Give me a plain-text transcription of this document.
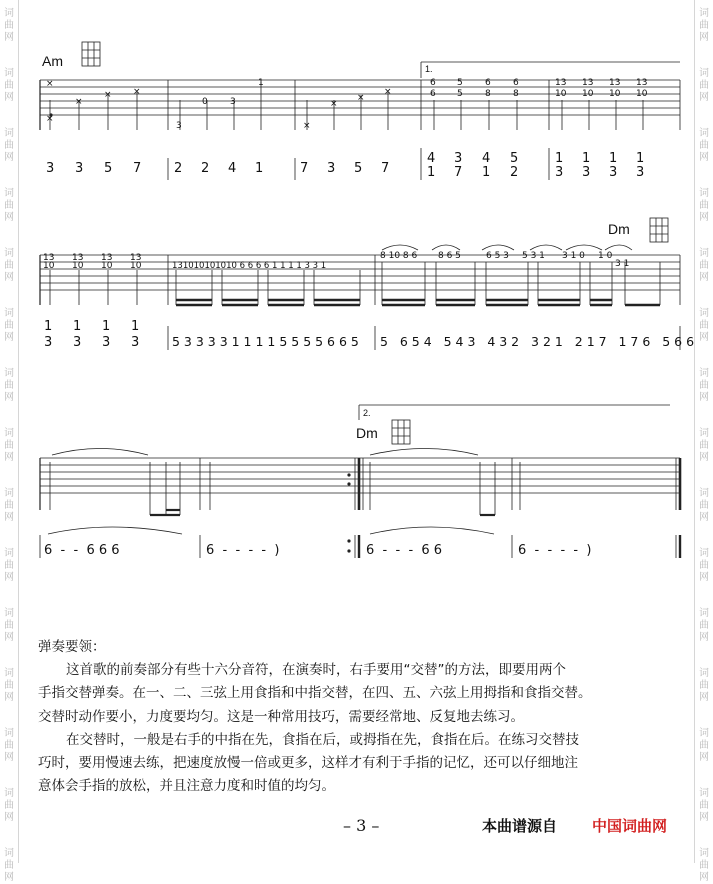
词
曲
网
词
曲
网
词
曲
网
词
曲
网
词
曲
网
词
曲
网
词
曲
网
词
曲
网
词
曲
网
词
曲
网
词
曲
网
词
曲
网
词
曲
网
词
曲
网
词
曲
网
词
曲
网
词
曲
网
词
曲
网
词
曲
网
词
曲
网
词
曲
网
词
曲
网
词
曲
网
词
曲
网
词
曲
网
词
曲
网
词
曲
网
词
曲
网
词
曲
网
词
曲
网
×
×
× ×
×
×
×
×
×
0 3
3
1	6
6
5
5
6
8
6
8
13
10
13
10
13
10
13
10
13
10
13
10
13
10
13
10	131010101010 6 6 6 6 1 1 1 1 3 3 1
8 10 8 6 8 6 5	6 5 3 5 3 1 3 1 0 1 0
3 1
Am	1.
Dm
2.
Dm
3 3 5 7	2 2 4 1	7 3 5 7
4 3 4 5	1 1 1 1
1 7 1 2	3 3 3 3
1 1 1 1
3 3 3 3	5 3 3 3 3 1 1 1 1 5 5 5 5 6 6 5 5   6 5 4   5 4 3   4 3 2   3 2 1   2 1 7   1 7 6   5 6 6
6  -  -  6 6 6	6  -  -  -  -  )	6  -  -  -  6 6	6  -  -  -  -  )

弹奏要领：

这首歌的前奏部分有些十六分音符，在演奏时，右手要用“交替”的方法，即要用两个

手指交替弹奏。在一、二、三弦上用食指和中指交替，在四、五、六弦上用拇指和食指交替。

交替时动作要小，力度要均匀。这是一种常用技巧，需要经常地、反复地去练习。

在交替时，一般是右手的中指在先，食指在后，或拇指在先，食指在后。在练习交替技

巧时，要用慢速去练，把速度放慢一倍或更多，这样才有利于手指的记忆，还可以仔细地注

意体会手指的放松，并且注意力度和时值的均匀。

– 3 –	本曲谱源自 中国词曲网
